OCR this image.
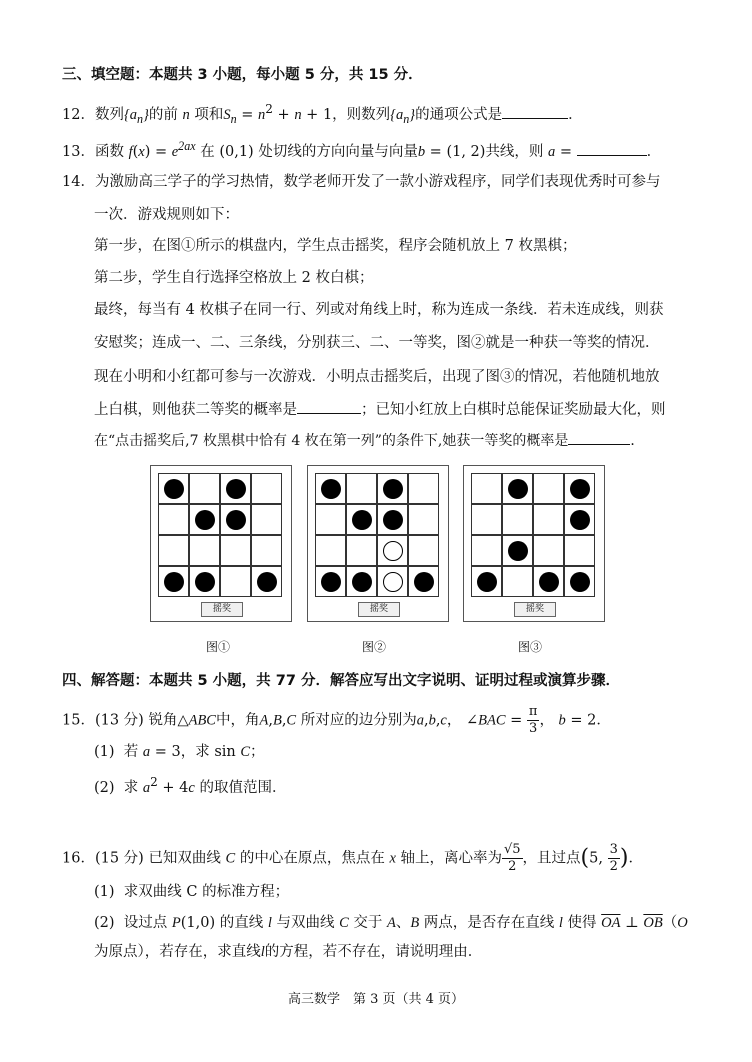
三、填空题：本题共 3 小题，每小题 5 分，共 15 分．
12．数列$\{a_n\}$的前 n 项和$S_n = n^2 + n + 1$，则数列$\{a_n\}$的通项公式是	．
13．函数 $f(x) = e^{2ax}$ 在 (0,1) 处切线的方向向量与向量b = (1, 2)共线，则 a =	．
14．为激励高三学子的学习热情，数学老师开发了一款小游戏程序，同学们表现优秀时可参与
一次．游戏规则如下：
第一步，在图①所示的棋盘内，学生点击摇奖，程序会随机放上 7 枚黑棋；
第二步，学生自行选择空格放上 2 枚白棋；
最终，每当有 4 枚棋子在同一行、列或对角线上时，称为连成一条线．若未连成线，则获
安慰奖；连成一、二、三条线，分别获三、二、一等奖，图②就是一种获一等奖的情况．
现在小明和小红都可参与一次游戏．小明点击摇奖后，出现了图③的情况，若他随机地放
上白棋，则他获二等奖的概率是	；已知小红放上白棋时总能保证奖励最大化，则
在“点击摇奖后,7 枚黑棋中恰有 4 枚在第一列”的条件下,她获一等奖的概率是	．
摇奖	摇奖	摇奖
图①	图②	图③
四、解答题：本题共 5 小题，共 77 分．解答应写出文字说明、证明过程或演算步骤．
15．(13 分) 锐角△ABC中，角A,B,C 所对应的边分别为a,b,c， ∠BAC = $\frac{\pi}{3}$ ， b = 2．
(1) 若 a = 3，求 sin C；
(2) 求 $a^2 + 4c$ 的取值范围．
16．(15 分) 已知双曲线 C 的中心在原点，焦点在 x 轴上，离心率为 $\frac{√5}{2}$ ，且过点(5, $\frac{3}{2}$ )．
(1) 求双曲线 C 的标准方程；
(2) 设过点 P(1,0) 的直线 l 与双曲线 C 交于 A、B 两点，是否存在直线 l 使得 $\overline{OA}$ ⊥ $\overline{OB}(O$
为原点），若存在，求直线l的方程，若不存在，请说明理由．
高三数学　第 3 页（共 4 页）
